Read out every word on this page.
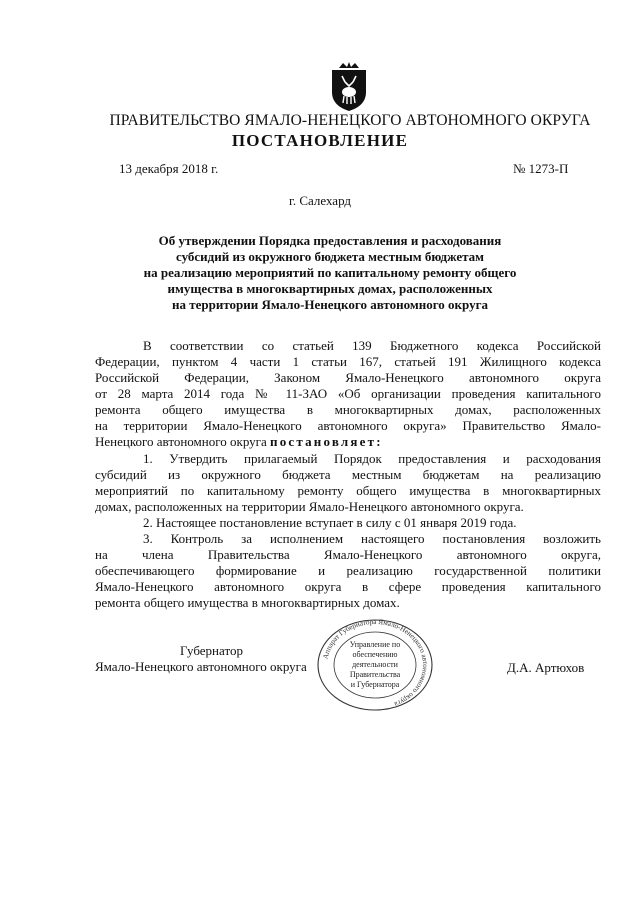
ПРАВИТЕЛЬСТВО ЯМАЛО-НЕНЕЦКОГО АВТОНОМНОГО ОКРУГА
ПОСТАНОВЛЕНИЕ
13 декабря 2018 г.	№ 1273-П
г. Салехард
Об утверждении Порядка предоставления и расходования
субсидий из окружного бюджета местным бюджетам
на реализацию мероприятий по капитальному ремонту общего
имущества в многоквартирных домах, расположенных
на территории Ямало-Ненецкого автономного округа
В соответствии со статьей 139 Бюджетного кодекса Российской
Федерации, пунктом 4 части 1 статьи 167, статьей 191 Жилищного кодекса
Российской Федерации, Законом Ямало-Ненецкого автономного округа
от 28 марта 2014 года № 11-ЗАО «Об организации проведения капитального
ремонта общего имущества в многоквартирных домах, расположенных
на территории Ямало-Ненецкого автономного округа» Правительство Ямало-
Ненецкого автономного округа постановляет:
1. Утвердить прилагаемый Порядок предоставления и расходования
субсидий из окружного бюджета местным бюджетам на реализацию
мероприятий по капитальному ремонту общего имущества в многоквартирных
домах, расположенных на территории Ямало-Ненецкого автономного округа.
2. Настоящее постановление вступает в силу с 01 января 2019 года.
3. Контроль за исполнением настоящего постановления возложить
на члена Правительства Ямало-Ненецкого автономного округа,
обеспечивающего формирование и реализацию государственной политики
Ямало-Ненецкого автономного округа в сфере проведения капитального
ремонта общего имущества в многоквартирных домах.
Губернатор
Ямало-Ненецкого автономного округа
Аппарат Губернатора Ямало-Ненецкого автономного округа
Управление по
обеспечению
деятельности
Правительства
и Губернатора
Д.А. Артюхов
